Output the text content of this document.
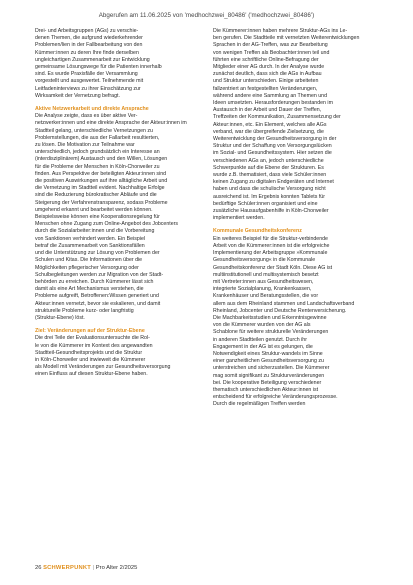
Abgerufen am 11.06.2025 von 'medhochzwei_80486' ('medhochzwei_80486')

Drei- und Arbeitsgruppen (AGs) zu verschie-
denen Themen, die aufgrund wiederkehrender
Problemen/lien in der Fallbearbeitung von den
Kümmer:innen zu deren Ihre finde derselben
ungleichartigen Zusammenarbeit zur Entwicklung
gemeinsame Lösungswege für die Patienten innerhalb
sind. Es wurde Praxisfälle der Versammlung
vorgestellt und ausgewertet. Teilnehmende mit
Leitfadeninterviews zu ihrer Einschätzung zur
Wirksamkeit der Vernetzung befragt.

Aktive Netzwerkarbeit und direkte Ansprache

Die Analyse zeigte, dass es über aktive Ver-
netzwerker:innen und eine direkte Ansprache der Akteur:innen im
Stadtteil gelang, unterschiedliche Vernetzungen zu
Problemstellungen, die aus der Fallarbeit resultierten,
zu lösen. Die Motivation zur Teilnahme war
unterschiedlich, jedoch grundsätzlich ein Interesse an
(interdisziplinärem) Austausch und den Willen, Lösungen
für die Probleme der Menschen in Köln-Chorweiler zu
finden. Aus Perspektive der beteiligten Akteur:innen sind
die positiven Auswirkungen auf ihre alltägliche Arbeit und
die Vernetzung im Stadtteil evident. Nachhaltige Erfolge
sind die Reduzierung bürokratischer Abläufe und die
Steigerung der Verfahrenstransparenz, sodass Probleme
umgehend erkannt und bearbeitet werden können.
Beispielsweise können eine Kooperationsregelung für
Menschen ohne Zugang zum Online-Angebot des Jobcenters
durch die Sozialarbeiter:innen und die Vorbereitung
von Sanktionen verhindert werden. Ein Beispiel
betraf die Zusammenarbeit von Sanktionsfällen
und die Unterstützung zur Lösung von Problemen der
Schulen und Kitas. Die Informationen über die
Möglichkeiten pflegerischer Versorgung oder
Schulbegleitungen werden zur Migration von der Stadt-
behörden zu erreichen. Durch Kümmerer lässt sich
damit als eine Art Mechanismus verstehen, die
Probleme aufgreift, Betroffenen:Wissen generiert und
Akteur:innen vernetzt, bevor sie eskalieren, und damit
strukturelle Probleme kurz- oder langfristig
(Struktur-Ebene) löst.

Ziel: Veränderungen auf der Struktur-Ebene

Die drei Teile der Evaluationsuntersuchte die Rol-
le von die Kümmerer im Kontext des angewandten
Stadtteil-Gesundheitsprojekts und die Struktur
in Köln-Chorweiler und inwieweit die Kümmerer
als Modell mit Veränderungen zur Gesundheitsversorgung
einen Einfluss auf diesen Struktur-Ebene haben.

Die Kümmerer:innen haben mehrere Struktur-AGs ins Le-
ben gerufen. Die Stadtteile mit vernetzten Weiterentwicklungen
Sprachen in der AG-Treffen, was zur Bearbeitung
von wenigen Treffen als Beobachter:innen teil und
führten eine schriftliche Online-Befragung der
Mitglieder einer AG durch. In der Analyse wurde
zunächst deutlich, dass sich die AGs in Aufbau
und Struktur unterschieden. Einige arbeiteten
fallzentriert an festgestellten Veränderungen,
während andere eine Sammlung an Themen und
Ideen umsetzten. Herausforderungen bestanden im
Austausch in der Arbeit und Dauer der Treffen,
Treffzeiten der Kommunikation, Zusammensetzung der
Akteur:innen, etc. Ein Element, welches alle AGs
verband, war die übergreifende Zielsetzung, die
Weiterentwicklung der Gesundheitsversorgung in der
Struktur und der Schaffung von Versorgungslücken
im Sozial- und Gesundheitssystem. Hier setzen die
verschiedenen AGs an, jedoch unterschiedliche
Schwerpunkte auf die Ebene der Strukturen. Es
wurde z.B. thematisiert, dass viele Schüler:innen
keinen Zugang zu digitalen Endgeräten und Internet
haben und dass die schulische Versorgung nicht
ausreichend ist. Im Ergebnis konnten Tablets für
bedürftige Schüler:innen organisiert und eine
zusätzliche Hausaufgabenhilfe in Köln-Chorweiler
implementiert werden.

Kommunale Gesundheitskonferenz

Ein weiteres Beispiel für die Struktur-verbindende
Arbeit von die Kümmerer:innen ist die erfolgreiche
Implementierung der Arbeitsgruppe »Kommunale
Gesundheitsversorgung« in die Kommunale
Gesundheitskonferenz der Stadt Köln. Diese AG ist
multiinstitutionell und multisystemisch besetzt
mit Vertreter:innen aus Gesundheitswesen,
integrierte Sozialplanung, Krankenkassen,
Krankenhäuser und Beratungsstellen, die vor
allem aus dem Rheinland stammen und Landschaftsverband
Rheinland, Jobcenter und Deutsche Rentenversicherung.
Die Machbarkeitsstudien und Erkenntnisgewinne
von die Kümmerer wurden von der AG als
Schablone für weitere strukturelle Veränderungen
in anderen Stadtteilen genutzt. Durch ihr
Engagement in der AG ist es gelungen, die
Notwendigkeit eines Struktur-wandels im Sinne
einer ganzheitlichen Gesundheitsversorgung zu
unterstreichen und sicherzustellen. Die Kümmerer
mag somit signifikant zu Strukturveränderungen
bei. Die kooperative Beteiligung verschiedener
thematisch unterschiedlichen Akteur:innen ist
entscheidend für erfolgreiche Veränderungsprozesse.
Durch die regelmäßigen Treffen werden

26 SCHWERPUNKT | Pro Alter 2/2025
